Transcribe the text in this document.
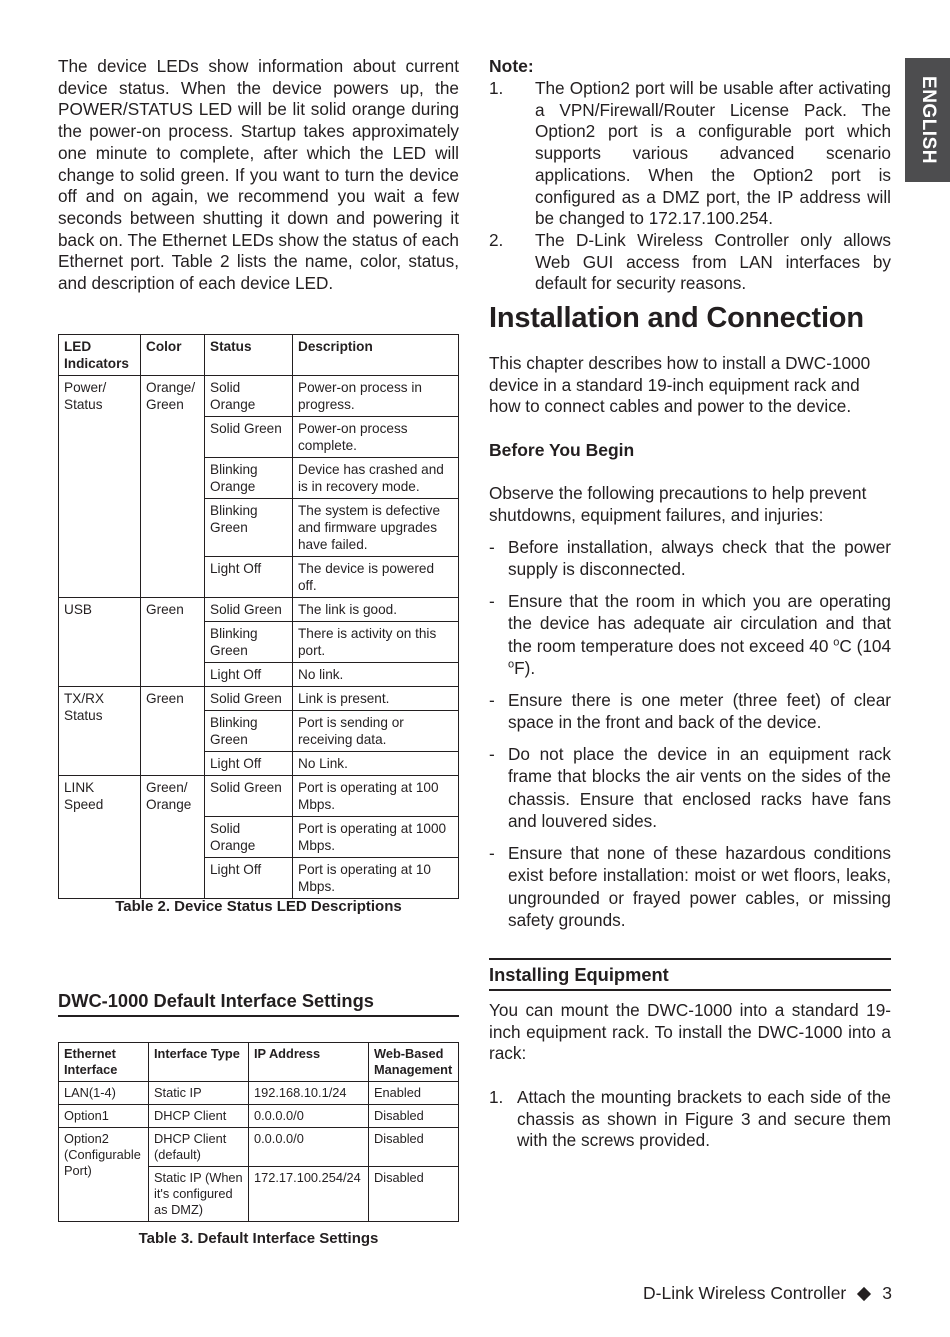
ENGLISH

The device LEDs show information about current device status. When the device powers up, the POWER/STATUS LED will be lit solid orange during the power-on process. Startup takes approximately one minute to complete, after which the LED will change to solid green. If you want to turn the device off and on again, we recommend you wait a few seconds between shutting it down and powering it back on. The Ethernet LEDs show the status of each Ethernet port. Table 2 lists the name, color, status, and description of each device LED.

LED Indicators	Color	Status	Description
Power/ Status	Orange/ Green	Solid Orange	Power-on process in progress.
		Solid Green	Power-on process complete.
		Blinking Orange	Device has crashed and is in recovery mode.
		Blinking Green	The system is defective and firmware upgrades have failed.
		Light Off	The device is powered off.
USB	Green	Solid Green	The link is good.
		Blinking Green	There is activity on this port.
		Light Off	No link.
TX/RX Status	Green	Solid Green	Link is present.
		Blinking Green	Port is sending or receiving data.
		Light Off	No Link.
LINK Speed	Green/ Orange	Solid Green	Port is operating at 100 Mbps.
		Solid Orange	Port is operating at 1000 Mbps.
		Light Off	Port is operating at 10 Mbps.
Table 2. Device Status LED Descriptions
DWC-1000 Default Interface Settings
Ethernet Interface	Interface Type	IP Address	Web-Based Management
LAN(1-4)	Static IP	192.168.10.1/24	Enabled
Option1	DHCP Client	0.0.0.0/0	Disabled
Option2 (Configurable Port)	DHCP Client (default)	0.0.0.0/0	Disabled
	Static IP (When it's configured as DMZ)	172.17.100.254/24	Disabled
Table 3. Default Interface Settings
Note:
1. The Option2 port will be usable after activating a VPN/Firewall/Router License Pack. The Option2 port is a configurable port which supports various advanced scenario applications. When the Option2 port is configured as a DMZ port, the IP address will be changed to 172.17.100.254.
2. The D-Link Wireless Controller only allows Web GUI access from LAN interfaces by default for security reasons.
Installation and Connection

This chapter describes how to install a DWC-1000 device in a standard 19-inch equipment rack and how to connect cables and power to the device.

Before You Begin

Observe the following precautions to help prevent shutdowns, equipment failures, and injuries:

- Before installation, always check that the power supply is disconnected.
- Ensure that the room in which you are operating the device has adequate air circulation and that the room temperature does not exceed 40 $^o$C (104 $^o$F).
- Ensure there is one meter (three feet) of clear space in the front and back of the device.
- Do not place the device in an equipment rack frame that blocks the air vents on the sides of the chassis. Ensure that enclosed racks have fans and louvered sides.
- Ensure that none of these hazardous conditions exist before installation: moist or wet floors, leaks, ungrounded or frayed power cables, or missing safety grounds.
Installing Equipment

You can mount the DWC-1000 into a standard 19-inch equipment rack. To install the DWC-1000 into a rack:

1. Attach the mounting brackets to each side of the chassis as shown in Figure 3 and secure them with the screws provided.
D-Link Wireless Controller 3
